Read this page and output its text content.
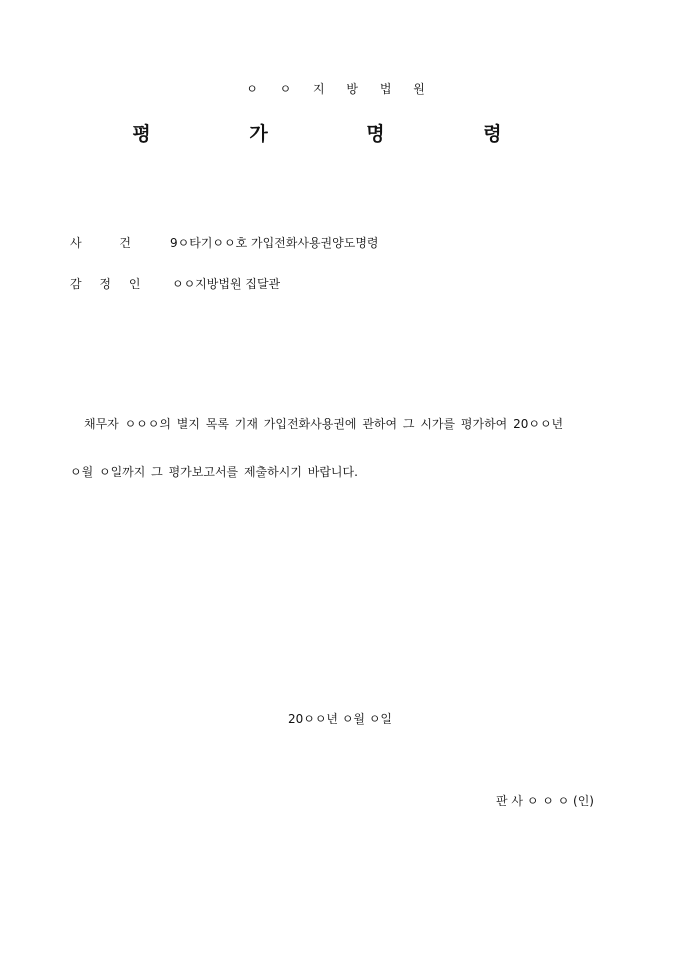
ㅇ ㅇ 지 방 법 원
평 가 명 령
사 건	9ㅇ타기ㅇㅇ호 가입전화사용권양도명령
감 정 인	ㅇㅇ지방법원 집달관
채무자 ㅇㅇㅇ의 별지 목록 기재 가입전화사용권에 관하여 그 시가를 평가하여 20ㅇㅇ년
ㅇ월 ㅇ일까지 그 평가보고서를 제출하시기 바랍니다.
20ㅇㅇ년 ㅇ월 ㅇ일
판 사 ㅇ ㅇ ㅇ (인)
